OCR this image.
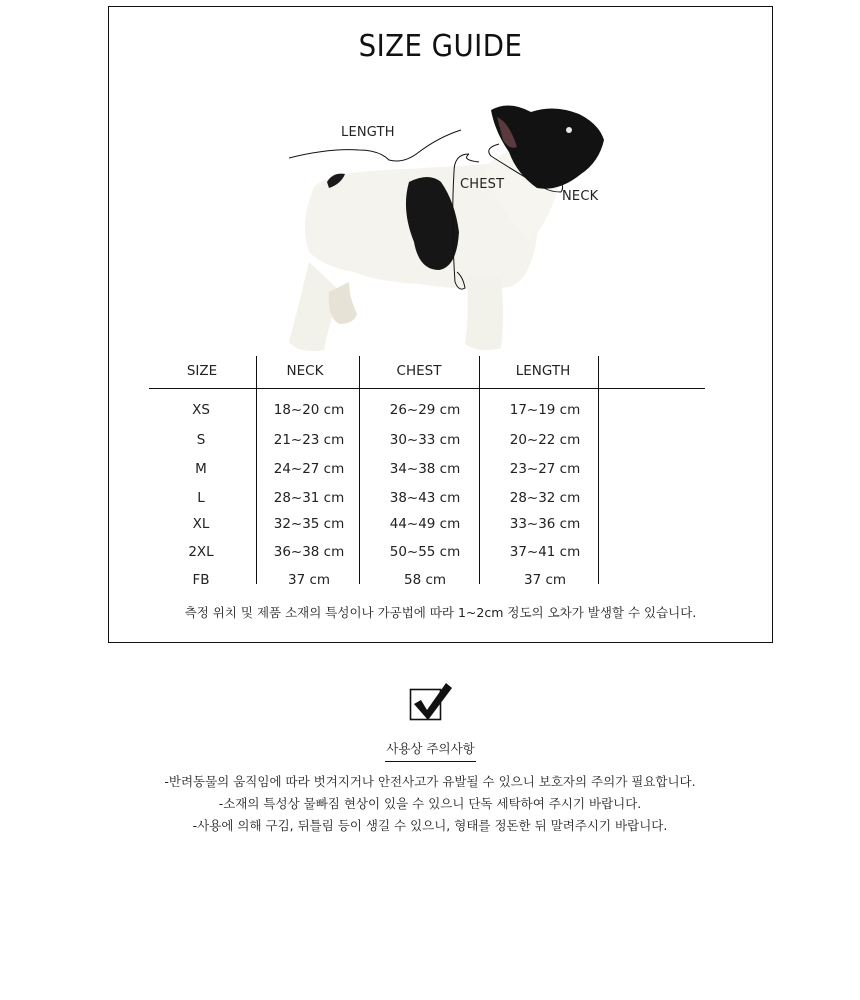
SIZE GUIDE
LENGTH
CHEST
NECK
SIZE	NECK	CHEST	LENGTH
XS	18~20 cm	26~29 cm	17~19 cm
S	21~23 cm	30~33 cm	20~22 cm
M	24~27 cm	34~38 cm	23~27 cm
L	28~31 cm	38~43 cm	28~32 cm
XL	32~35 cm	44~49 cm	33~36 cm
2XL	36~38 cm	50~55 cm	37~41 cm
FB	37 cm	58 cm	37 cm
측정 위치 및 제품 소재의 특성이나 가공법에 따라 1~2cm 정도의 오차가 발생할 수 있습니다.
사용상 주의사항
-반려동물의 움직임에 따라 벗겨지거나 안전사고가 유발될 수 있으니 보호자의 주의가 필요합니다.
-소재의 특성상 물빠짐 현상이 있을 수 있으니 단독 세탁하여 주시기 바랍니다.
-사용에 의해 구김, 뒤틀림 등이 생길 수 있으니, 형태를 정돈한 뒤 말려주시기 바랍니다.
